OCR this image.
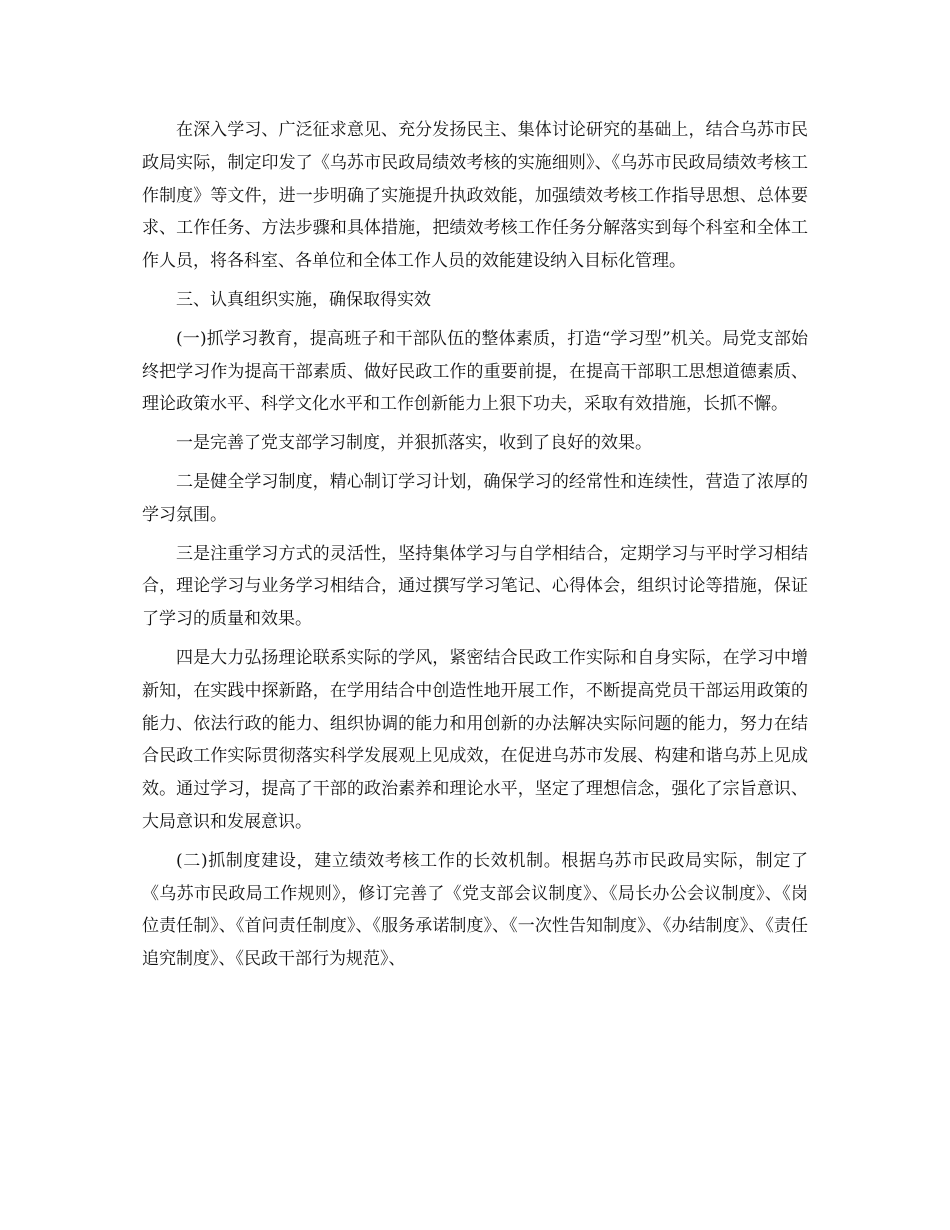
在深入学习、广泛征求意见、充分发扬民主、集体讨论研究的基础上，结合乌苏市民政局实际，制定印发了《乌苏市民政局绩效考核的实施细则》、《乌苏市民政局绩效考核工作制度》等文件，进一步明确了实施提升执政效能，加强绩效考核工作指导思想、总体要求、工作任务、方法步骤和具体措施，把绩效考核工作任务分解落实到每个科室和全体工作人员，将各科室、各单位和全体工作人员的效能建设纳入目标化管理。

三、认真组织实施，确保取得实效

(一)抓学习教育，提高班子和干部队伍的整体素质，打造“学习型”机关。局党支部始终把学习作为提高干部素质、做好民政工作的重要前提，在提高干部职工思想道德素质、理论政策水平、科学文化水平和工作创新能力上狠下功夫，采取有效措施，长抓不懈。

一是完善了党支部学习制度，并狠抓落实，收到了良好的效果。

二是健全学习制度，精心制订学习计划，确保学习的经常性和连续性，营造了浓厚的学习氛围。

三是注重学习方式的灵活性，坚持集体学习与自学相结合，定期学习与平时学习相结合，理论学习与业务学习相结合，通过撰写学习笔记、心得体会，组织讨论等措施，保证了学习的质量和效果。

四是大力弘扬理论联系实际的学风，紧密结合民政工作实际和自身实际，在学习中增新知，在实践中探新路，在学用结合中创造性地开展工作，不断提高党员干部运用政策的能力、依法行政的能力、组织协调的能力和用创新的办法解决实际问题的能力，努力在结合民政工作实际贯彻落实科学发展观上见成效，在促进乌苏市发展、构建和谐乌苏上见成效。通过学习，提高了干部的政治素养和理论水平，坚定了理想信念，强化了宗旨意识、大局意识和发展意识。

(二)抓制度建设，建立绩效考核工作的长效机制。根据乌苏市民政局实际，制定了《乌苏市民政局工作规则》，修订完善了《党支部会议制度》、《局长办公会议制度》、《岗位责任制》、《首问责任制度》、《服务承诺制度》、《一次性告知制度》、《办结制度》、《责任追究制度》、《民政干部行为规范》、
